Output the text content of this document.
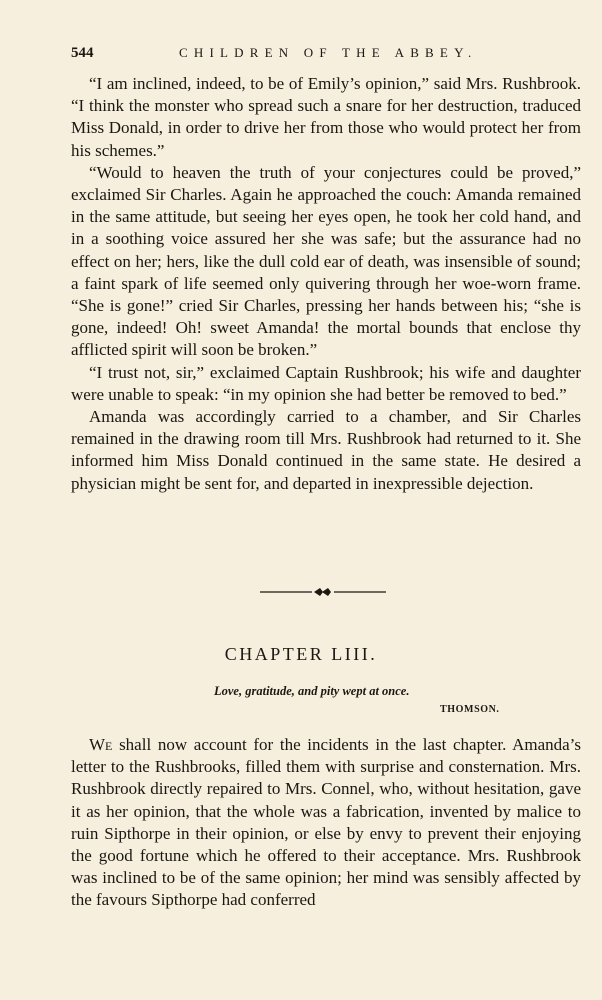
544	CHILDREN OF THE ABBEY.

“I am inclined, indeed, to be of Emily’s opinion,” said Mrs. Rushbrook. “I think the monster who spread such a snare for her destruction, traduced Miss Donald, in order to drive her from those who would protect her from his schemes.”

“Would to heaven the truth of your conjectures could be proved,” exclaimed Sir Charles. Again he approached the couch: Amanda remained in the same attitude, but seeing her eyes open, he took her cold hand, and in a soothing voice assured her she was safe; but the assurance had no effect on her; hers, like the dull cold ear of death, was insensible of sound; a faint spark of life seemed only quivering through her woe-worn frame. “She is gone!” cried Sir Charles, pressing her hands between his; “she is gone, indeed! Oh! sweet Amanda! the mortal bounds that enclose thy afflicted spirit will soon be broken.”

“I trust not, sir,” exclaimed Captain Rushbrook; his wife and daughter were unable to speak: “in my opinion she had better be removed to bed.”

Amanda was accordingly carried to a chamber, and Sir Charles remained in the drawing room till Mrs. Rushbrook had returned to it. She informed him Miss Donald continued in the same state. He desired a physician might be sent for, and departed in inexpressible dejection.

CHAPTER LIII.
Love, gratitude, and pity wept at once.
THOMSON.

We shall now account for the incidents in the last chapter. Amanda’s letter to the Rushbrooks, filled them with surprise and consternation. Mrs. Rushbrook directly repaired to Mrs. Connel, who, without hesitation, gave it as her opinion, that the whole was a fabrication, invented by malice to ruin Sipthorpe in their opinion, or else by envy to prevent their enjoying the good fortune which he offered to their acceptance. Mrs. Rushbrook was inclined to be of the same opinion; her mind was sensibly affected by the favours Sipthorpe had conferred
